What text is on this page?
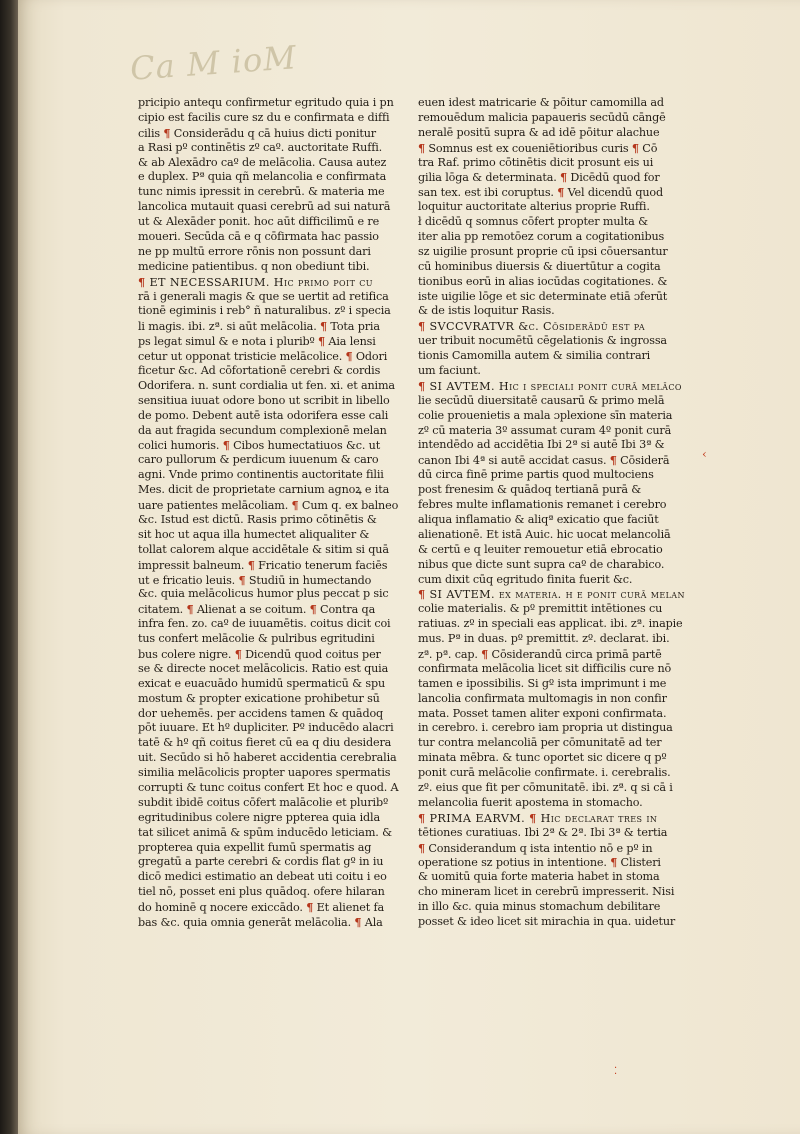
Ca M ioM
pricipio antequ confirmetur egritudo quia i pn
cipio est facilis cure sz du e confirmata e diffi
cilis ¶ Considerādu q cā huius dicti ponitur
a Rasi pº continētis zº caº. auctoritate Ruffi.
& ab Alexādro caº de melācolia. Causa autez
e duplex. Pª quia qñ melancolia e confirmata
tunc nimis ipressit in cerebrū. & materia me
lancolica mutauit quasi cerebrū ad sui naturā
ut & Alexāder ponit. hoc aūt difficilimū e re
moueri. Secūda cā e q cōfirmata hac passio
ne pp multū errore rōnis non possunt dari
medicine patientibus. q non obediunt tibi.
¶ ET NECESSARIUM. Hic primo poit cu
rā i generali magis & que se uertit ad retifica
tionē egiminis i reb° ñ naturalibus. zº i specia
li magis. ibi. zª. si aūt melācolia. ¶ Tota pria
ps legat simul & e nota i pluribº ¶ Aia lensi
cetur ut opponat tristicie melācolice. ¶ Odori
ficetur &c. Ad cōfortationē cerebri & cordis
Odorifera. n. sunt cordialia ut fen. xi. et anima
sensitiua iuuat odore bono ut scribit in libello
de pomo. Debent autē ista odorifera esse cali
da aut fragida secundum complexionē melan
colici humoris. ¶ Cibos humectatiuos &c. ut
caro pullorum & perdicum iuuenum & caro
agni. Vnde primo continentis auctoritate filii
Mes. dicit de proprietate carnium agnoꝝ e ita
uare patientes melācoliam. ¶ Cum q. ex balneo
&c. Istud est dictū. Rasis primo cōtinētis &
sit hoc ut aqua illa humectet aliqualiter &
tollat calorem alque accidētale & sitim si quā
impressit balneum. ¶ Fricatio tenerum faciēs
ut e fricatio leuis. ¶ Studiū in humectando
&c. quia melācolicus humor plus peccat p sic
citatem. ¶ Alienat a se coitum. ¶ Contra qa
infra fen. zo. caº de iuuamētis. coitus dicit coi
tus confert melācolie & pulribus egritudini
bus colere nigre. ¶ Dicendū quod coitus per
se & directe nocet melācolicis. Ratio est quia
exicat e euacuādo humidū spermaticū & spu
mostum & propter exicatione prohibetur sū
dor uehemēs. per accidens tamen & quādoq
pōt iuuare. Et hº dupliciter. Pº inducēdo alacri
tatē & hº qñ coitus fieret cū ea q diu desidera
uit. Secūdo si hō haberet accidentia cerebralia
similia melācolicis propter uapores spermatis
corrupti & tunc coitus confert Et hoc e quod. A
subdit ibidē coitus cōfert malācolie et pluribº
egritudinibus colere nigre ppterea quia idla
tat silicet animā & spūm inducēdo leticiam. &
propterea quia expellit fumū spermatis ag
gregatū a parte cerebri & cordis flat gº in iu
dicō medici estimatio an debeat uti coitu i eo
tiel nō, posset eni plus quādoq. ofere hilaran
do hominē q nocere exiccādo. ¶ Et alienet fa
bas &c. quia omnia generāt melācolia. ¶ Ala
euen idest matricarie & pōitur camomilla ad
remouēdum malicia papaueris secūdū cāngē
neralē positū supra & ad idē pōitur alachue
¶ Somnus est ex coueniētioribus curis ¶ Cō
tra Raf. primo cōtinētis dicit prosunt eis ui
gilia lōga & determinata. ¶ Dicēdū quod for
san tex. est ibi coruptus. ¶ Vel dicendū quod
loquitur auctoritate alterius proprie Ruffi.
ł dicēdū q somnus cōfert propter multa &
iter alia pp remotōez corum a cogitationibus
sz uigilie prosunt proprie cū ipsi cōuersantur
cū hominibus diuersis & diuertūtur a cogita
tionibus eorū in alias iocūdas cogitationes. &
iste uigilie lōge et sic determinate etiā ɔferūt
& de istis loquitur Rasis.
¶ SVCCVRATVR &c. Cōsiderādū est pa
uer tribuit nocumētū cēgelationis & ingrossa
tionis Camomilla autem & similia contrari
um faciunt.
¶ SI AVTEM. Hic i speciali ponit curā melāco
lie secūdū diuersitatē causarū & primo melā
colie prouenietis a mala ɔplexione sīn materia
zº cū materia 3º assumat curam 4º ponit curā
intendēdo ad accidētia Ibi 2ª si autē Ibi 3ª &
canon Ibi 4ª si autē accidat casus. ¶ Cōsiderā
dū circa finē prime partis quod multociens
post frenesim & quādoq tertianā purā &
febres multe inflamationis remanet i cerebro
aliqua inflamatio & aliqª exicatio que faciūt
alienationē. Et istā Auic. hic uocat melancoliā
& certū e q leuiter remouetur etiā ebrocatio
nibus que dicte sunt supra caº de charabico.
cum dixit cūq egritudo finita fuerit &c.
¶ SI AVTEM. ex materia. h e ponit curā melan
colie materialis. & pº premittit intētiones cu
ratiuas. zº in speciali eas applicat. ibi. zª. inapie
mus. Pª in duas. pº premittit. zº. declarat. ibi.
zª. pª. cap. ¶ Cōsiderandū circa primā partē
confirmata melācolia licet sit difficilis cure nō
tamen e ipossibilis. Si gº ista imprimunt i me
lancolia confirmata multomagis in non confir
mata. Posset tamen aliter exponi confirmata.
in cerebro. i. cerebro iam propria ut distingua
tur contra melancoliā per cōmunitatē ad ter
minata mēbra. & tunc oportet sic dicere q pº
ponit curā melācolie confirmate. i. cerebralis.
zº. eius que fit per cōmunitatē. ibi. zª. q si cā i
melancolia fuerit apostema in stomacho.
¶ PRIMA EARVM. ¶ Hic declarat tres in
tētiones curatiuas. Ibi 2ª & 2ª. Ibi 3ª & tertia
¶ Considerandum q ista intentio nō e pº in
operatione sz potius in intentione. ¶ Clisteri
& uomitū quia forte materia habet in stoma
cho mineram licet in cerebrū impresserit. Nisi
in illo &c. quia minus stomachum debilitare
posset & ideo licet sit mirachia in qua. uidetur
‹
⁚
